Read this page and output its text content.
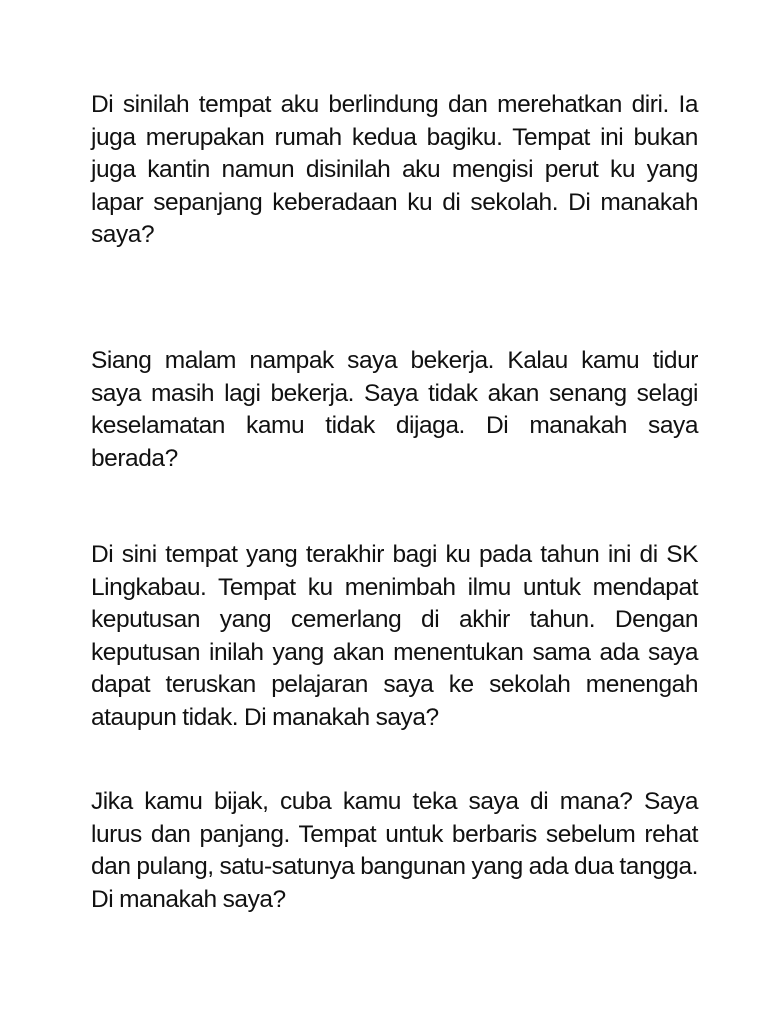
Di sinilah tempat aku berlindung dan merehatkan diri. Ia juga merupakan rumah kedua bagiku. Tempat ini bukan juga kantin namun disinilah aku mengisi perut ku yang lapar sepanjang keberadaan ku di sekolah. Di manakah saya?

Siang malam nampak saya bekerja. Kalau kamu tidur saya masih lagi bekerja. Saya tidak akan senang selagi keselamatan kamu tidak dijaga. Di manakah saya berada?

Di sini tempat yang terakhir bagi ku pada tahun ini di SK Lingkabau. Tempat ku menimbah ilmu untuk mendapat keputusan yang cemerlang di akhir tahun. Dengan keputusan inilah yang akan menentukan sama ada saya dapat teruskan pelajaran saya ke sekolah menengah ataupun tidak. Di manakah saya?

Jika kamu bijak, cuba kamu teka saya di mana? Saya lurus dan panjang. Tempat untuk berbaris sebelum rehat dan pulang, satu-satunya bangunan yang ada dua tangga. Di manakah saya?
